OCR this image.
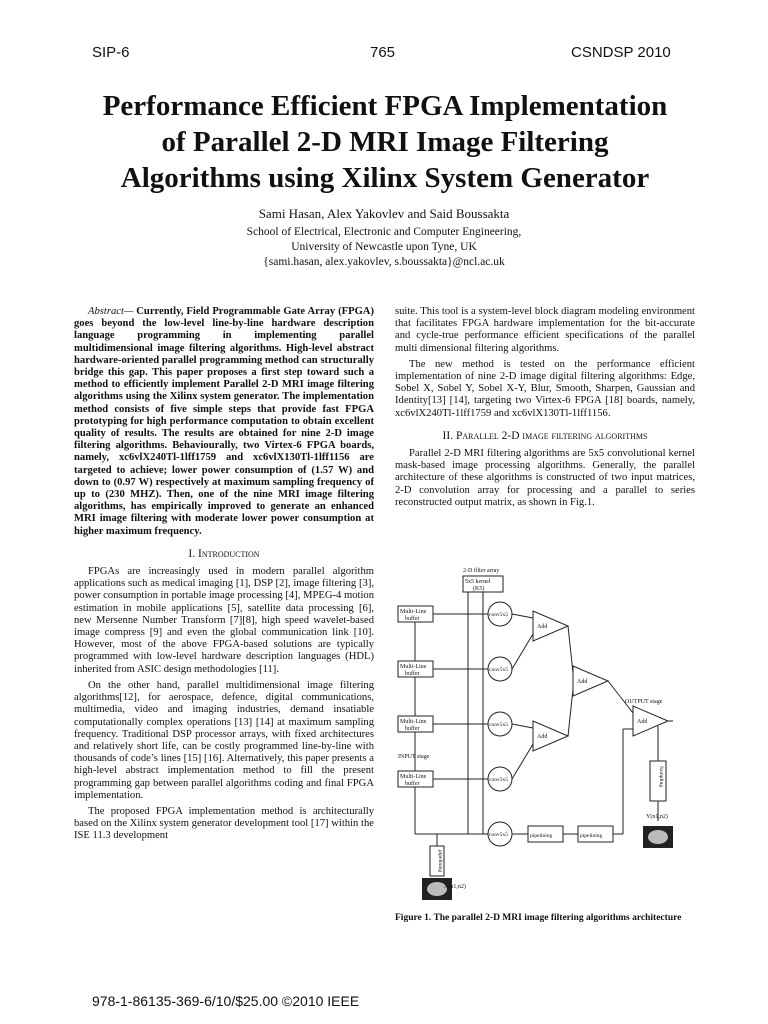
SIP-6	765	CSNDSP 2010
Performance Efficient FPGA Implementation
of Parallel 2-D MRI Image Filtering
Algorithms using Xilinx System Generator
Sami Hasan, Alex Yakovlev and Said Boussakta
School of Electrical, Electronic and Computer Engineering,
University of Newcastle upon Tyne, UK
{sami.hasan, alex.yakovlev, s.boussakta}@ncl.ac.uk

Abstract— Currently, Field Programmable Gate Array (FPGA) goes beyond the low-level line-by-line hardware description language programming in implementing parallel multidimensional image filtering algorithms. High-level abstract hardware-oriented parallel programming method can structurally bridge this gap. This paper proposes a first step toward such a method to efficiently implement Parallel 2-D MRI image filtering algorithms using the Xilinx system generator. The implementation method consists of five simple steps that provide fast FPGA prototyping for high performance computation to obtain excellent quality of results. The results are obtained for nine 2-D image filtering algorithms. Behaviourally, two Virtex-6 FPGA boards, namely, xc6vlX240Tl-1lff1759 and xc6vlX130Tl-1lff1156 are targeted to achieve; lower power consumption of (1.57 W) and down to (0.97 W) respectively at maximum sampling frequency of up to (230 MHZ). Then, one of the nine MRI image filtering algorithms, has empirically improved to generate an enhanced MRI image filtering with moderate lower power consumption at higher maximum frequency.

I. Introduction

FPGAs are increasingly used in modern parallel algorithm applications such as medical imaging [1], DSP [2], image filtering [3], power consumption in portable image processing [4], MPEG-4 motion estimation in mobile applications [5], satellite data processing [6], new Mersenne Number Transform [7][8], high speed wavelet-based image compress [9] and even the global communication link [10]. However, most of the above FPGA-based solutions are typically programmed with low-level hardware description languages (HDL) inherited from ASIC design methodologies [11].

On the other hand, parallel multidimensional image filtering algorithms[12], for aerospace, defence, digital communications, multimedia, video and imaging industries, demand insatiable computationally complex operations [13] [14] at maximum sampling frequency. Traditional DSP processor arrays, with fixed architectures and relatively short life, can be costly programmed line-by-line with thousands of code’s lines [15] [16]. Alternatively, this paper presents a high-level abstract implementation method to fill the present programming gap between parallel algorithms coding and final FPGA implementation.

The proposed FPGA implementation method is architecturally based on the Xilinx system generator development tool [17] within the ISE 11.3 development

suite. This tool is a system-level block diagram modeling environment that facilitates FPGA hardware implementation for the bit-accurate and cycle-true performance efficient specifications of the parallel multi dimensional filtering algorithms.

The new method is tested on the performance efficient implementation of nine 2-D image digital filtering algorithms: Edge, Sobel X, Sobel Y, Sobel X-Y, Blur, Smooth, Sharpen, Gaussian and Identity[13] [14], targeting two Virtex-6 FPGA [18] boards, namely, xc6vlX240Tl-1lff1759 and xc6vlX130Tl-1lff1156.

II. Parallel 2-D image filtering algorithms

Parallel 2-D MRI filtering algorithms are 5x5 convolutional kernel mask-based image processing algorithms. Generally, the parallel architecture of these algorithms is constructed of two input matrices, 2-D convolution array for processing and a parallel to series reconstructed output matrix, as shown in Fig.1.

2-D filter array
5x5 kernel
(K5)
Multi-Line
buffer
Multi-Line
buffer
Multi-Line
buffer
Multi-Line
buffer
conv5x5
conv5x5
conv5x5
conv5x5
conv5x5
Add
Add
Add
Add
pipelining	pipelining
OUTPUT stage
INPUT stage
Y(n1,n2)
X(n1,n2)
Sampling
pipelining
Figure 1. The parallel 2-D MRI image filtering algorithms architecture
978-1-86135-369-6/10/$25.00 ©2010 IEEE
